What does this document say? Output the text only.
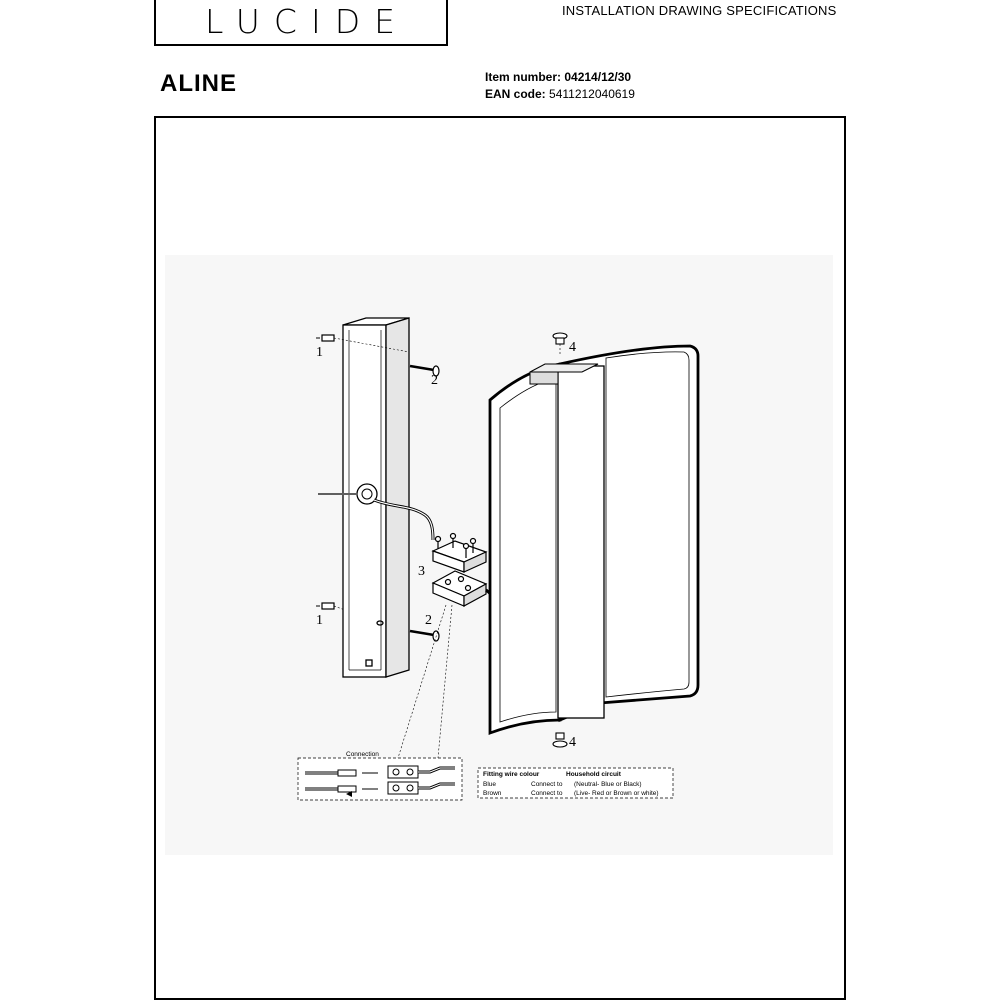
LUCIDE	INSTALLATION DRAWING SPECIFICATIONS
ALINE	Item number: 04214/12/30
EAN code: 5411212040619
1
2
3
1	2
4
4
Connection
Fitting wire colour	Household circuit
Blue	Connect to (Neutral- Blue or Black)
Brown	Connect to (Live- Red or Brown or white)
